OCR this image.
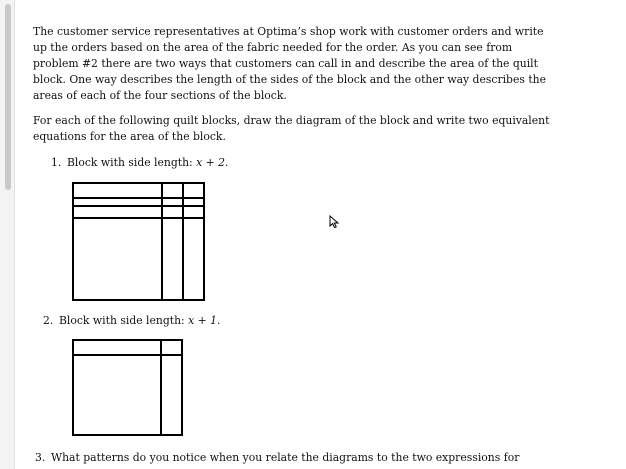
The customer service representatives at Optima’s shop work with customer orders and write
up the orders based on the area of the fabric needed for the order. As you can see from
problem #2 there are two ways that customers can call in and describe the area of the quilt
block. One way describes the length of the sides of the block and the other way describes the
areas of each of the four sections of the block.

For each of the following quilt blocks, draw the diagram of the block and write two equivalent
equations for the area of the block.

1. Block with side length: x + 2.
2. Block with side length: x + 1.
3. What patterns do you notice when you relate the diagrams to the two expressions for
